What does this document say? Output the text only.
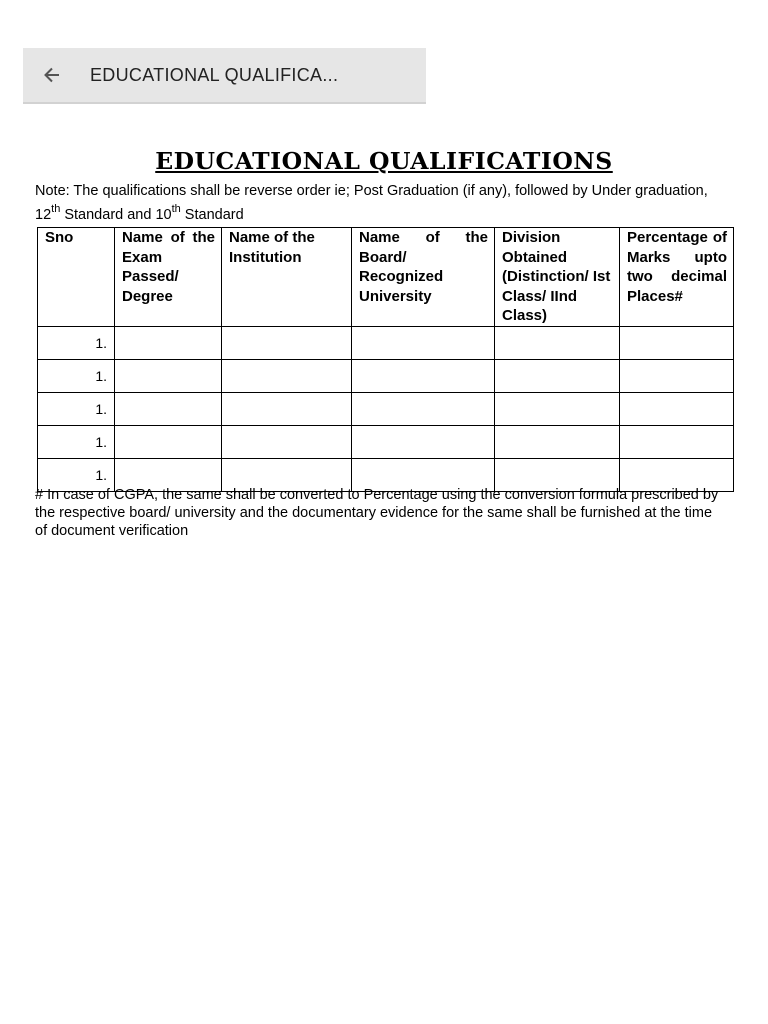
EDUCATIONAL QUALIFICA...
EDUCATIONAL QUALIFICATIONS
Note: The qualifications shall be reverse order ie; Post Graduation (if any), followed by Under graduation, 12th Standard and 10th Standard
Sno	Name of the Exam Passed/ Degree	Name of the Institution	Name of the Board/ Recognized University	Division Obtained (Distinction/ Ist Class/ IInd Class)	Percentage of Marks upto two decimal Places#
1.					
1.					
1.					
1.					
1.					
# In case of CGPA, the same shall be converted to Percentage using the conversion formula prescribed by the respective board/ university and the documentary evidence for the same shall be furnished at the time of document verification
